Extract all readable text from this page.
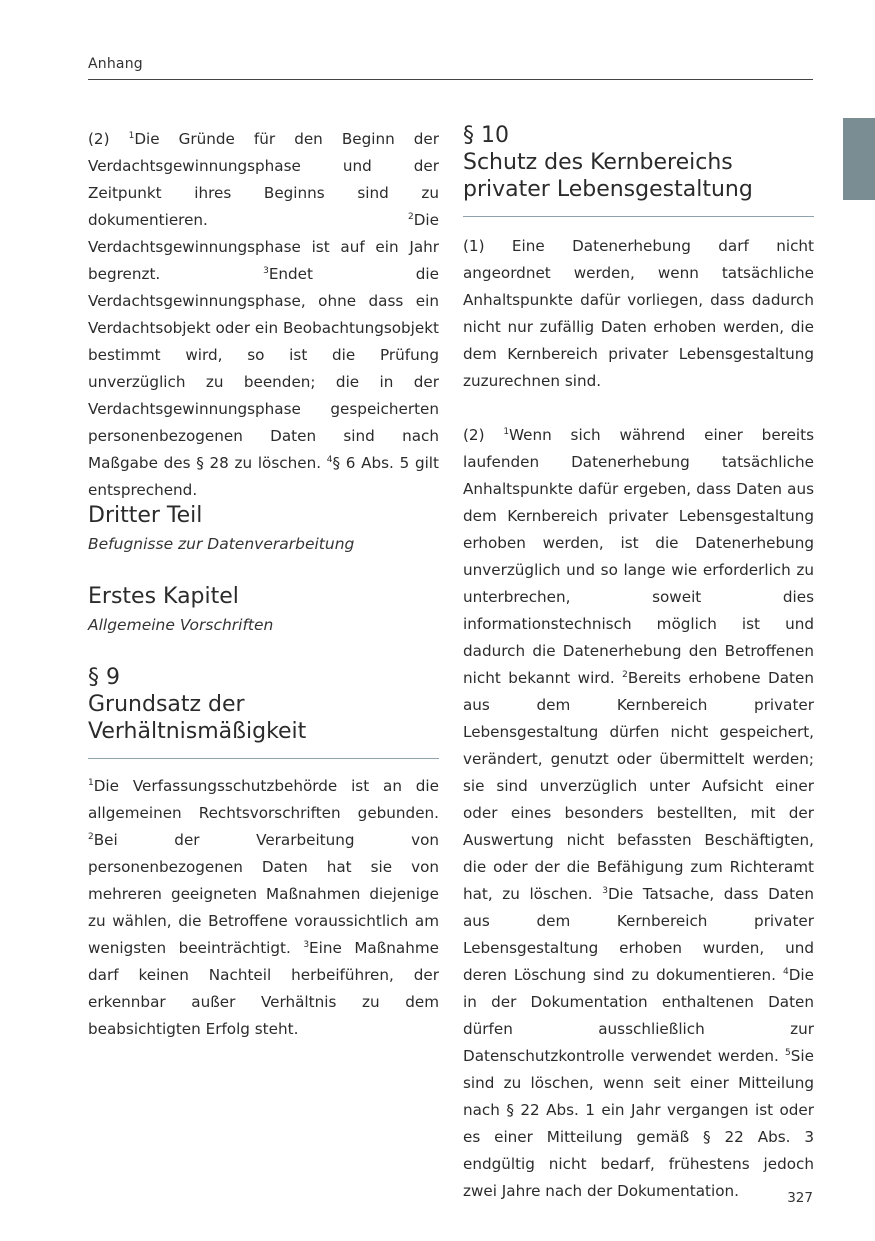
Anhang

(2) $^1$Die Gründe für den Beginn der Verdachtsgewinnungsphase und der Zeitpunkt ihres Beginns sind zu dokumentieren. $^2$Die Verdachtsgewinnungsphase ist auf ein Jahr begrenzt. $^3$Endet die Verdachtsgewinnungsphase, ohne dass ein Verdachtsobjekt oder ein Beobachtungsobjekt bestimmt wird, so ist die Prüfung unverzüglich zu beenden; die in der Verdachtsgewinnungsphase gespeicherten personenbezogenen Daten sind nach Maßgabe des § 28 zu löschen. $^4$§ 6 Abs. 5 gilt entsprechend.

Dritter Teil
Befugnisse zur Datenverarbeitung
Erstes Kapitel
Allgemeine Vorschriften
§ 9
Grundsatz der
Verhältnismäßigkeit

$^1$Die Verfassungsschutzbehörde ist an die allgemeinen Rechtsvorschriften gebunden. $^2$Bei der Verarbeitung von personenbezogenen Daten hat sie von mehreren geeigneten Maßnahmen diejenige zu wählen, die Betroffene voraussichtlich am wenigsten beeinträchtigt. $^3$Eine Maßnahme darf keinen Nachteil herbeiführen, der erkennbar außer Verhältnis zu dem beabsichtigten Erfolg steht.

§ 10
Schutz des Kernbereichs
privater Lebensgestaltung

(1) Eine Datenerhebung darf nicht angeordnet werden, wenn tatsächliche Anhaltspunkte dafür vorliegen, dass dadurch nicht nur zufällig Daten erhoben werden, die dem Kernbereich privater Lebensgestaltung zuzurechnen sind.

(2) $^1$Wenn sich während einer bereits laufenden Datenerhebung tatsächliche Anhaltspunkte dafür ergeben, dass Daten aus dem Kernbereich privater Lebensgestaltung erhoben werden, ist die Datenerhebung unverzüglich und so lange wie erforderlich zu unterbrechen, soweit dies informationstechnisch möglich ist und dadurch die Datenerhebung den Betroffenen nicht bekannt wird. $^2$Bereits erhobene Daten aus dem Kernbereich privater Lebensgestaltung dürfen nicht gespeichert, verändert, genutzt oder übermittelt werden; sie sind unverzüglich unter Aufsicht einer oder eines besonders bestellten, mit der Auswertung nicht befassten Beschäftigten, die oder der die Befähigung zum Richteramt hat, zu löschen. $^3$Die Tatsache, dass Daten aus dem Kernbereich privater Lebensgestaltung erhoben wurden, und deren Löschung sind zu dokumentieren. $^4$Die in der Dokumentation enthaltenen Daten dürfen ausschließlich zur Datenschutzkontrolle verwendet werden. $^5$Sie sind zu löschen, wenn seit einer Mitteilung nach § 22 Abs. 1 ein Jahr vergangen ist oder es einer Mitteilung gemäß § 22 Abs. 3 endgültig nicht bedarf, frühestens jedoch zwei Jahre nach der Dokumentation.	327
